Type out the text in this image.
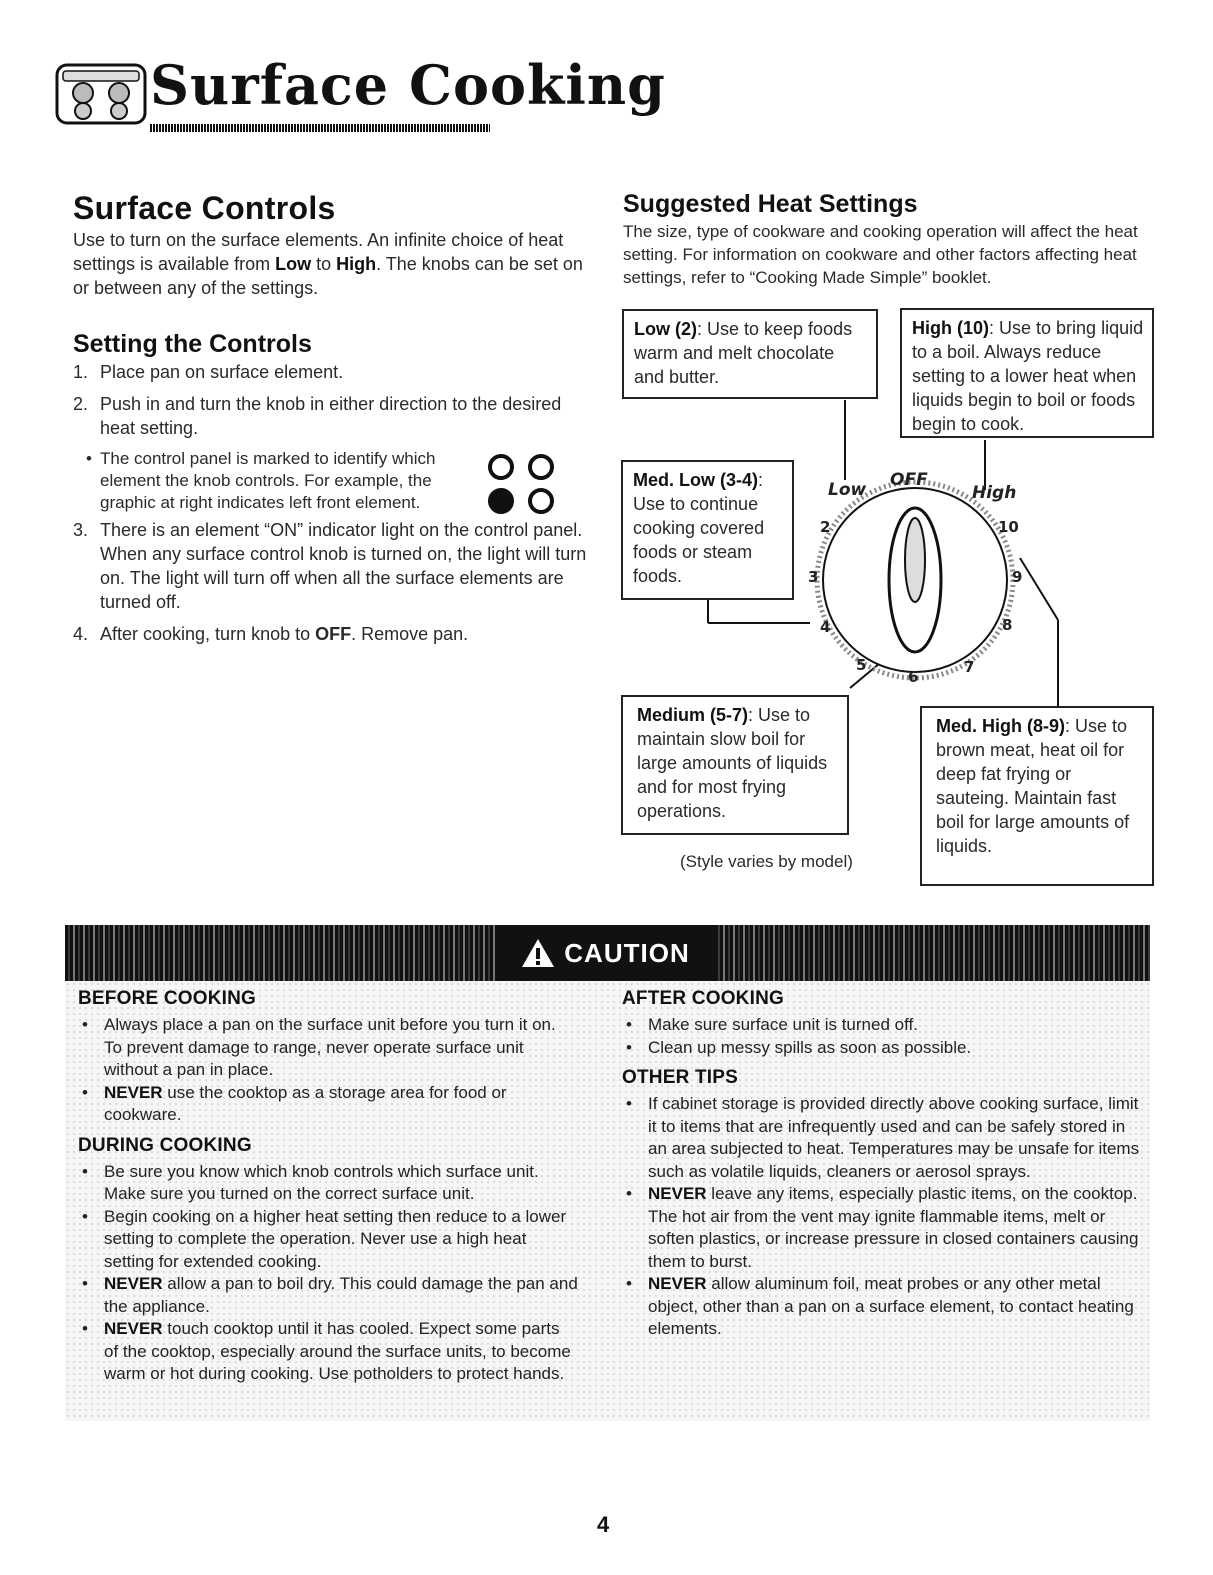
Surface Cooking
Surface Controls
Use to turn on the surface elements. An infinite choice of heat settings is available from Low to High. The knobs can be set on or between any of the settings.
Setting the Controls
1. Place pan on surface element.
2. Push in and turn the knob in either direction to the desired heat setting.
• The control panel is marked to identify which element the knob controls. For example, the graphic at right indicates left front element.
3. There is an element “ON” indicator light on the control panel. When any surface control knob is turned on, the light will turn on. The light will turn off when all the surface elements are turned off.
4. After cooking, turn knob to OFF. Remove pan.
Suggested Heat Settings
The size, type of cookware and cooking operation will affect the heat setting. For information on cookware and other factors affecting heat settings, refer to “Cooking Made Simple” booklet.
Low OFF
High
2
3
4
5
6
7
8
9
10
Low (2): Use to keep foods warm and melt chocolate and butter.
High (10): Use to bring liquid to a boil. Always reduce setting to a lower heat when liquids begin to boil or foods begin to cook.
Med. Low (3-4): Use to continue cooking covered foods or steam foods.
Medium (5-7): Use to maintain slow boil for large amounts of liquids and for most frying operations.
Med. High (8-9): Use to brown meat, heat oil for deep fat frying or sauteing. Maintain fast boil for large amounts of liquids.
(Style varies by model)
CAUTION
BEFORE COOKING
• Always place a pan on the surface unit before you turn it on. To prevent damage to range, never operate surface unit without a pan in place.
• NEVER use the cooktop as a storage area for food or cookware.
DURING COOKING
• Be sure you know which knob controls which surface unit. Make sure you turned on the correct surface unit.
• Begin cooking on a higher heat setting then reduce to a lower setting to complete the operation. Never use a high heat setting for extended cooking.
• NEVER allow a pan to boil dry. This could damage the pan and the appliance.
• NEVER touch cooktop until it has cooled. Expect some parts of the cooktop, especially around the surface units, to become warm or hot during cooking. Use potholders to protect hands.
AFTER COOKING
• Make sure surface unit is turned off.
• Clean up messy spills as soon as possible.
OTHER TIPS
• If cabinet storage is provided directly above cooking surface, limit it to items that are infrequently used and can be safely stored in an area subjected to heat. Temperatures may be unsafe for items such as volatile liquids, cleaners or aerosol sprays.
• NEVER leave any items, especially plastic items, on the cooktop. The hot air from the vent may ignite flammable items, melt or soften plastics, or increase pressure in closed containers causing them to burst.
• NEVER allow aluminum foil, meat probes or any other metal object, other than a pan on a surface element, to contact heating elements.
4
